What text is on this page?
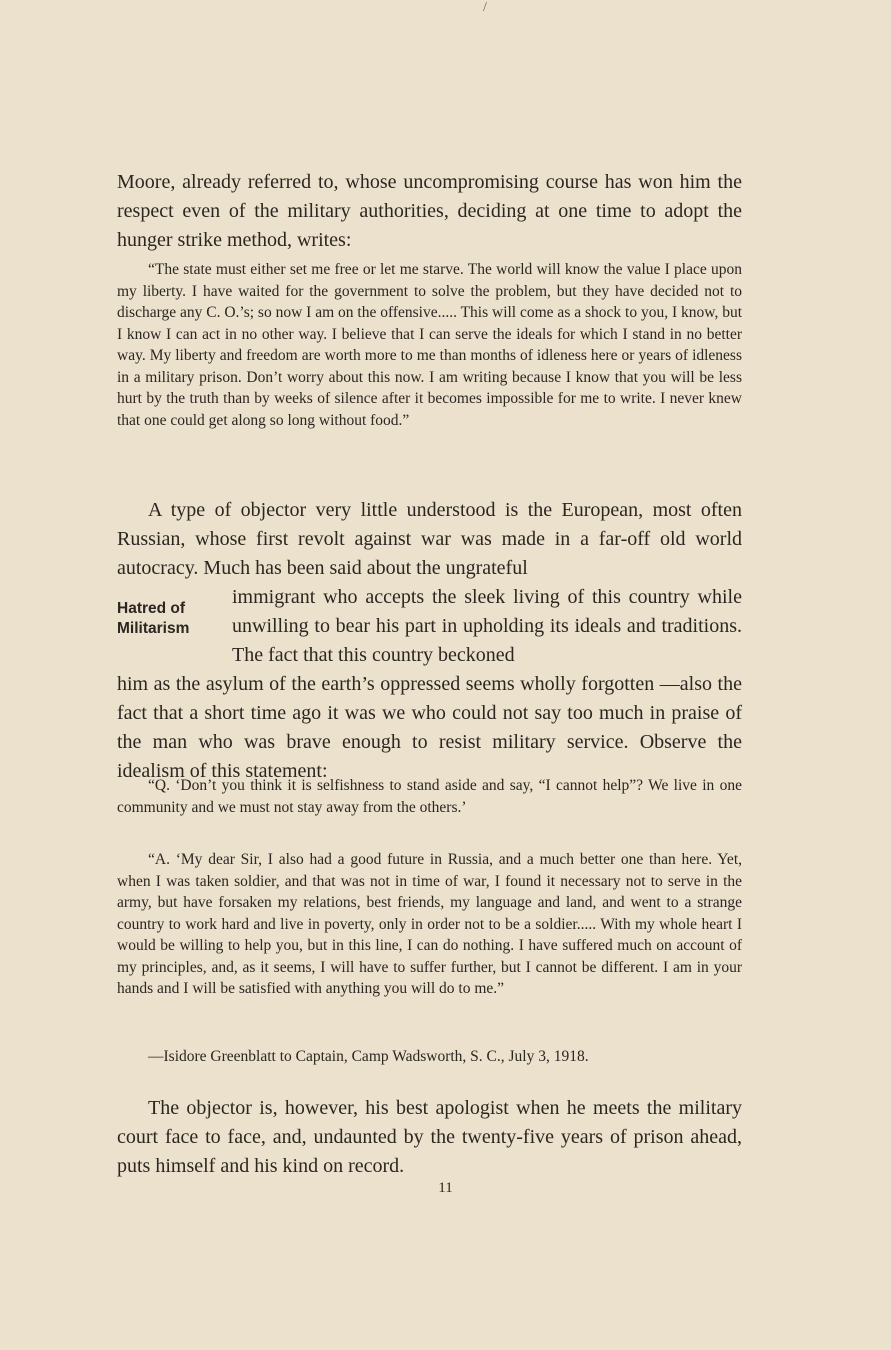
/

Moore, already referred to, whose uncompromising course has won him the respect even of the military authorities, deciding at one time to adopt the hunger strike method, writes:

“The state must either set me free or let me starve. The world will know the value I place upon my liberty. I have waited for the government to solve the problem, but they have decided not to discharge any C. O.’s; so now I am on the offensive..... This will come as a shock to you, I know, but I know I can act in no other way. I believe that I can serve the ideals for which I stand in no better way. My liberty and freedom are worth more to me than months of idleness here or years of idleness in a military prison. Don’t worry about this now. I am writing because I know that you will be less hurt by the truth than by weeks of silence after it becomes impossible for me to write. I never knew that one could get along so long without food.”

A type of objector very little understood is the European, most often Russian, whose first revolt against war was made in a far-off old world autocracy. Much has been said about the ungrateful
Hatred of Militarism
immigrant who accepts the sleek living of this country while unwilling to bear his part in upholding its ideals and traditions. The fact that this country beckoned
him as the asylum of the earth’s oppressed seems wholly forgotten —also the fact that a short time ago it was we who could not say too much in praise of the man who was brave enough to resist military service. Observe the idealism of this statement:

“Q. ‘Don’t you think it is selfishness to stand aside and say, “I cannot help”? We live in one community and we must not stay away from the others.’

“A. ‘My dear Sir, I also had a good future in Russia, and a much better one than here. Yet, when I was taken soldier, and that was not in time of war, I found it necessary not to serve in the army, but have forsaken my relations, best friends, my language and land, and went to a strange country to work hard and live in poverty, only in order not to be a soldier..... With my whole heart I would be willing to help you, but in this line, I can do nothing. I have suffered much on account of my principles, and, as it seems, I will have to suffer further, but I cannot be different. I am in your hands and I will be satisfied with anything you will do to me.”

—Isidore Greenblatt to Captain, Camp Wadsworth, S. C., July 3, 1918.

The objector is, however, his best apologist when he meets the military court face to face, and, undaunted by the twenty-five years of prison ahead, puts himself and his kind on record.

11
